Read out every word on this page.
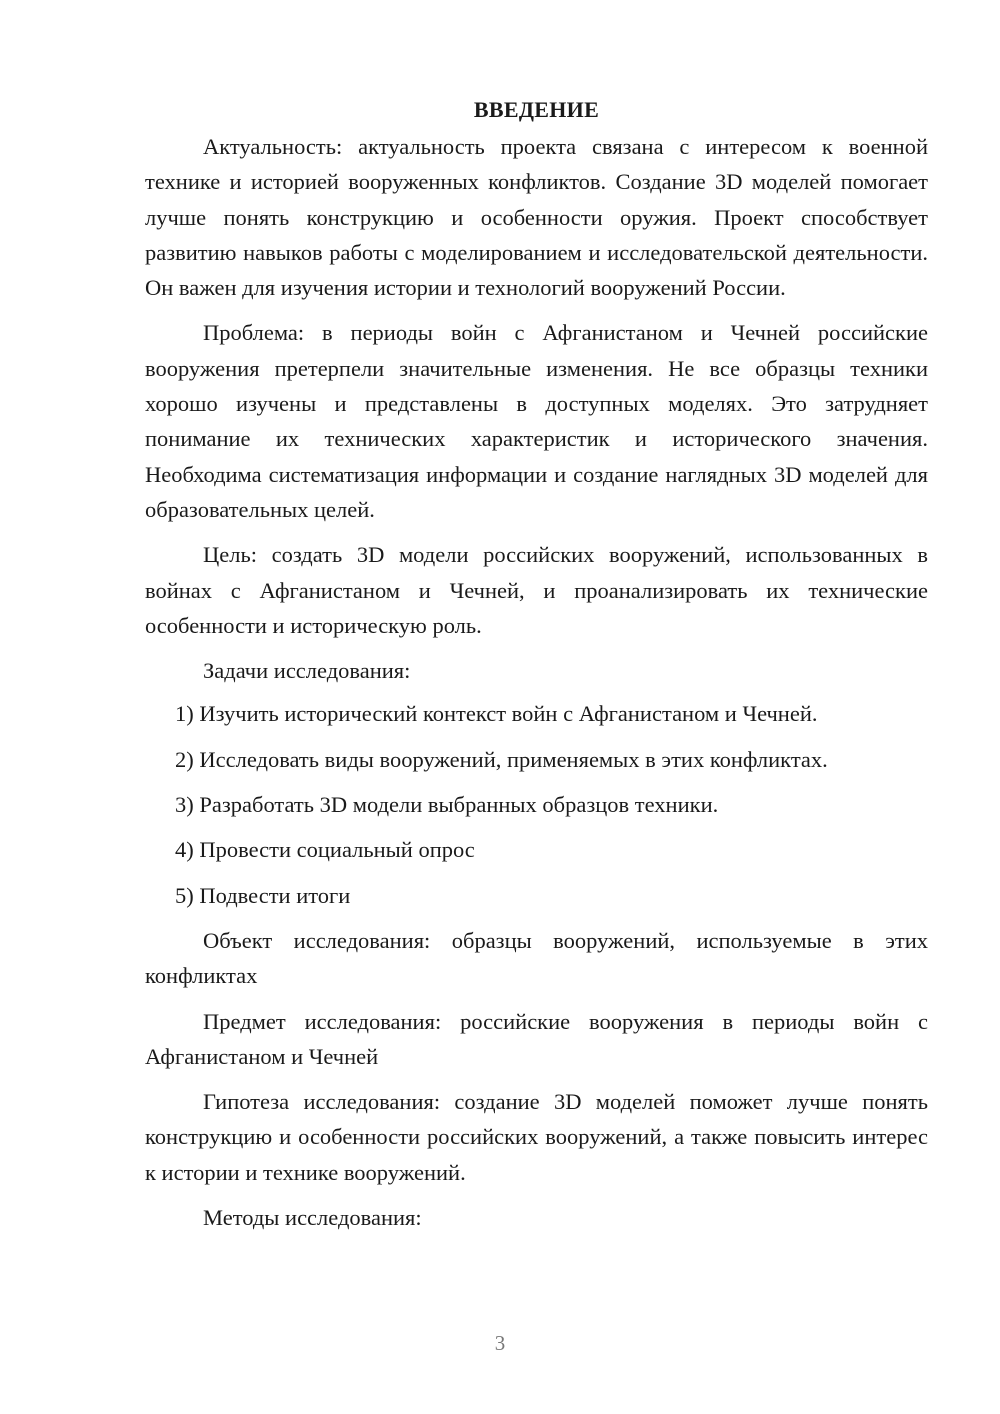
ВВЕДЕНИЕ

Актуальность: актуальность проекта связана с интересом к военной технике и историей вооруженных конфликтов. Создание 3D моделей помогает лучше понять конструкцию и особенности оружия. Проект способствует развитию навыков работы с моделированием и исследовательской деятельности. Он важен для изучения истории и технологий вооружений России.

Проблема: в периоды войн с Афганистаном и Чечней российские вооружения претерпели значительные изменения. Не все образцы техники хорошо изучены и представлены в доступных моделях. Это затрудняет понимание их технических характеристик и исторического значения. Необходима систематизация информации и создание наглядных 3D моделей для образовательных целей.

Цель: создать 3D модели российских вооружений, использованных в войнах с Афганистаном и Чечней, и проанализировать их технические особенности и историческую роль.

Задачи исследования:

1) Изучить исторический контекст войн с Афганистаном и Чечней.
2) Исследовать виды вооружений, применяемых в этих конфликтах.
3) Разработать 3D модели выбранных образцов техники.
4) Провести социальный опрос
5) Подвести итоги

Объект исследования: образцы вооружений, используемые в этих конфликтах

Предмет исследования: российские вооружения в периоды войн с Афганистаном и Чечней

Гипотеза исследования: создание 3D моделей поможет лучше понять конструкцию и особенности российских вооружений, а также повысить интерес к истории и технике вооружений.

Методы исследования:

3
